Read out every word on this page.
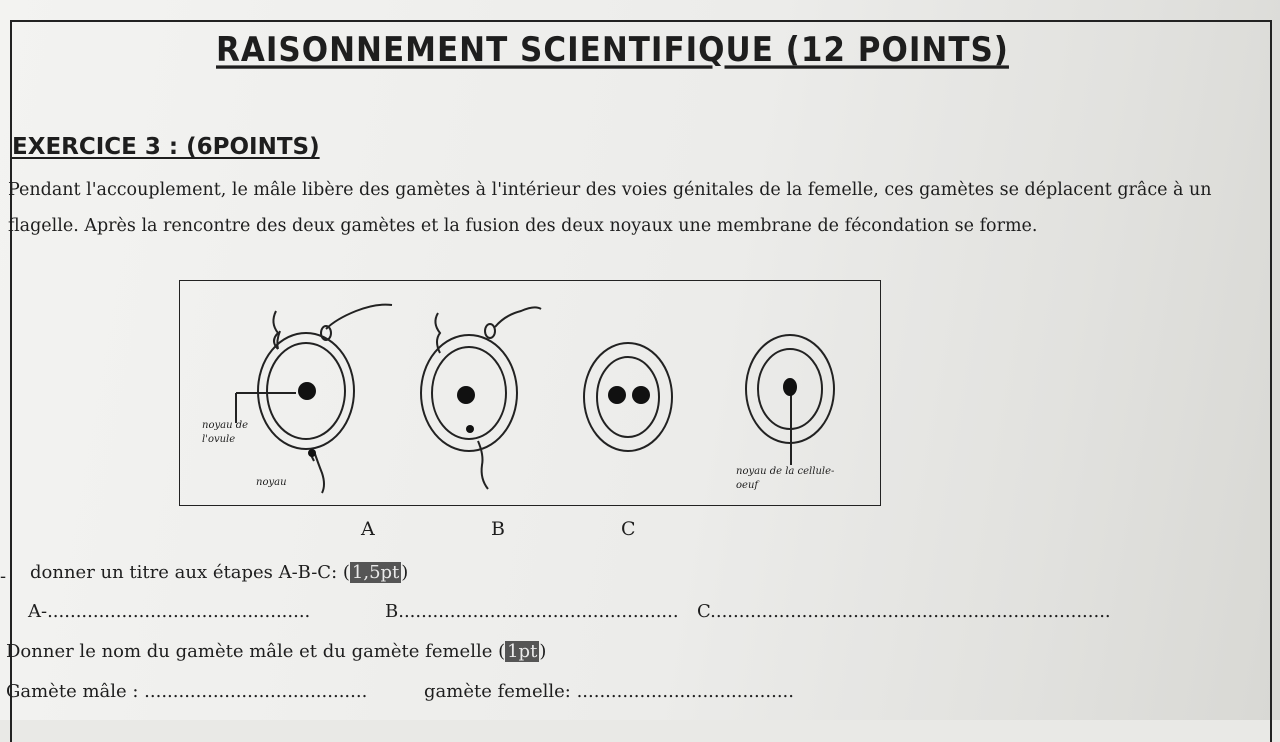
RAISONNEMENT SCIENTIFIQUE (12 POINTS)
EXERCICE 3 : (6POINTS)
Pendant l'accouplement, le mâle libère des gamètes à l'intérieur des voies génitales de la femelle, ces gamètes se déplacent grâce à un flagelle. Après la rencontre des deux gamètes et la fusion des deux noyaux une membrane de fécondation se forme.
noyau de l'ovule
noyau
noyau de la cellule-oeuf
A	B	C
- donner un titre aux étapes A-B-C: ( 1,5pt )
A-..............................................	B................................................. C......................................................................
Donner le nom du gamète mâle et du gamète femelle ( 1pt )
Gamète mâle : .......................................	gamète femelle: ......................................
